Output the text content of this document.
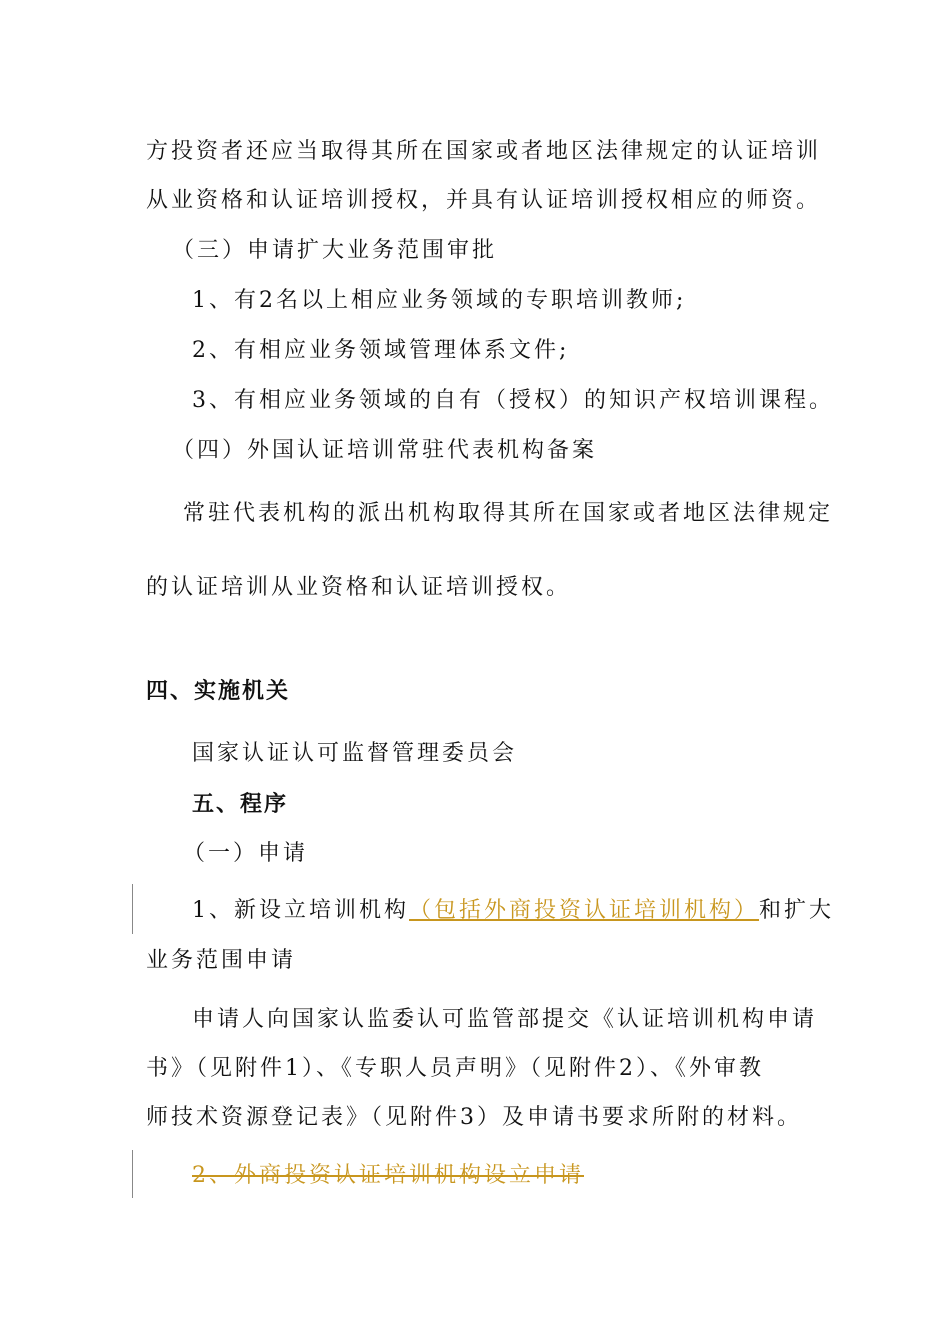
方投资者还应当取得其所在国家或者地区法律规定的认证培训
从业资格和认证培训授权，并具有认证培训授权相应的师资。
（三）申请扩大业务范围审批
1、有2名以上相应业务领域的专职培训教师;
2、有相应业务领域管理体系文件;
3、有相应业务领域的自有（授权）的知识产权培训课程。
（四）外国认证培训常驻代表机构备案
常驻代表机构的派出机构取得其所在国家或者地区法律规定
的认证培训从业资格和认证培训授权。
四、实施机关
国家认证认可监督管理委员会
五、程序
（一）申请
1、新设立培训机构（包括外商投资认证培训机构）和扩大
业务范围申请
申请人向国家认监委认可监管部提交《认证培训机构申请
书》（见附件1）、《专职人员声明》（见附件2）、《外审教
师技术资源登记表》（见附件3）及申请书要求所附的材料。
2、外商投资认证培训机构设立申请
